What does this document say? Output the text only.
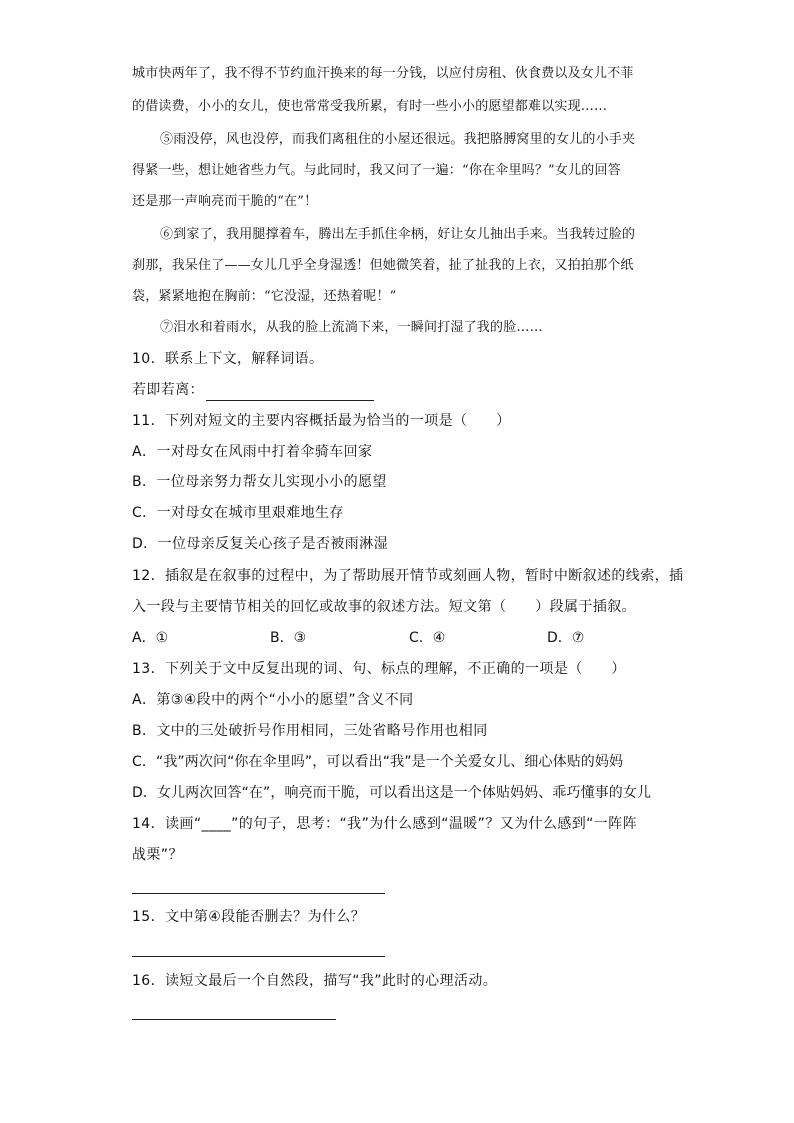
城市快两年了，我不得不节约血汗换来的每一分钱，以应付房租、伙食费以及女儿不菲
的借读费，小小的女儿，使也常常受我所累，有时一些小小的愿望都难以实现……
⑤雨没停，风也没停，而我们离租住的小屋还很远。我把胳膊窝里的女儿的小手夹
得紧一些，想让她省些力气。与此同时，我又问了一遍：“你在伞里吗？”女儿的回答
还是那一声响亮而干脆的“在”！
⑥到家了，我用腿撑着车，腾出左手抓住伞柄，好让女儿抽出手来。当我转过脸的
刹那，我呆住了——女儿几乎全身湿透！但她微笑着，扯了扯我的上衣，又拍拍那个纸
袋，紧紧地抱在胸前：“它没湿，还热着呢！”
⑦泪水和着雨水，从我的脸上流淌下来，一瞬间打湿了我的脸……
10．联系上下文，解释词语。
若即若离：
11．下列对短文的主要内容概括最为恰当的一项是（　　）
A．一对母女在风雨中打着伞骑车回家
B．一位母亲努力帮女儿实现小小的愿望
C．一对母女在城市里艰难地生存
D．一位母亲反复关心孩子是否被雨淋湿
12．插叙是在叙事的过程中，为了帮助展开情节或刻画人物，暂时中断叙述的线索，插
入一段与主要情节相关的回忆或故事的叙述方法。短文第（　　）段属于插叙。
A．①	B．③	C．④	D．⑦
13．下列关于文中反复出现的词、句、标点的理解，不正确的一项是（　　）
A．第③④段中的两个“小小的愿望”含义不同
B．文中的三处破折号作用相同，三处省略号作用也相同
C．“我”两次问“你在伞里吗”，可以看出“我”是一个关爱女儿、细心体贴的妈妈
D．女儿两次回答“在”，响亮而干脆，可以看出这是一个体贴妈妈、乖巧懂事的女儿
14．读画“____”的句子，思考：“我”为什么感到“温暖”？又为什么感到“一阵阵
战栗”？
15．文中第④段能否删去？为什么？
16．读短文最后一个自然段，描写“我”此时的心理活动。
